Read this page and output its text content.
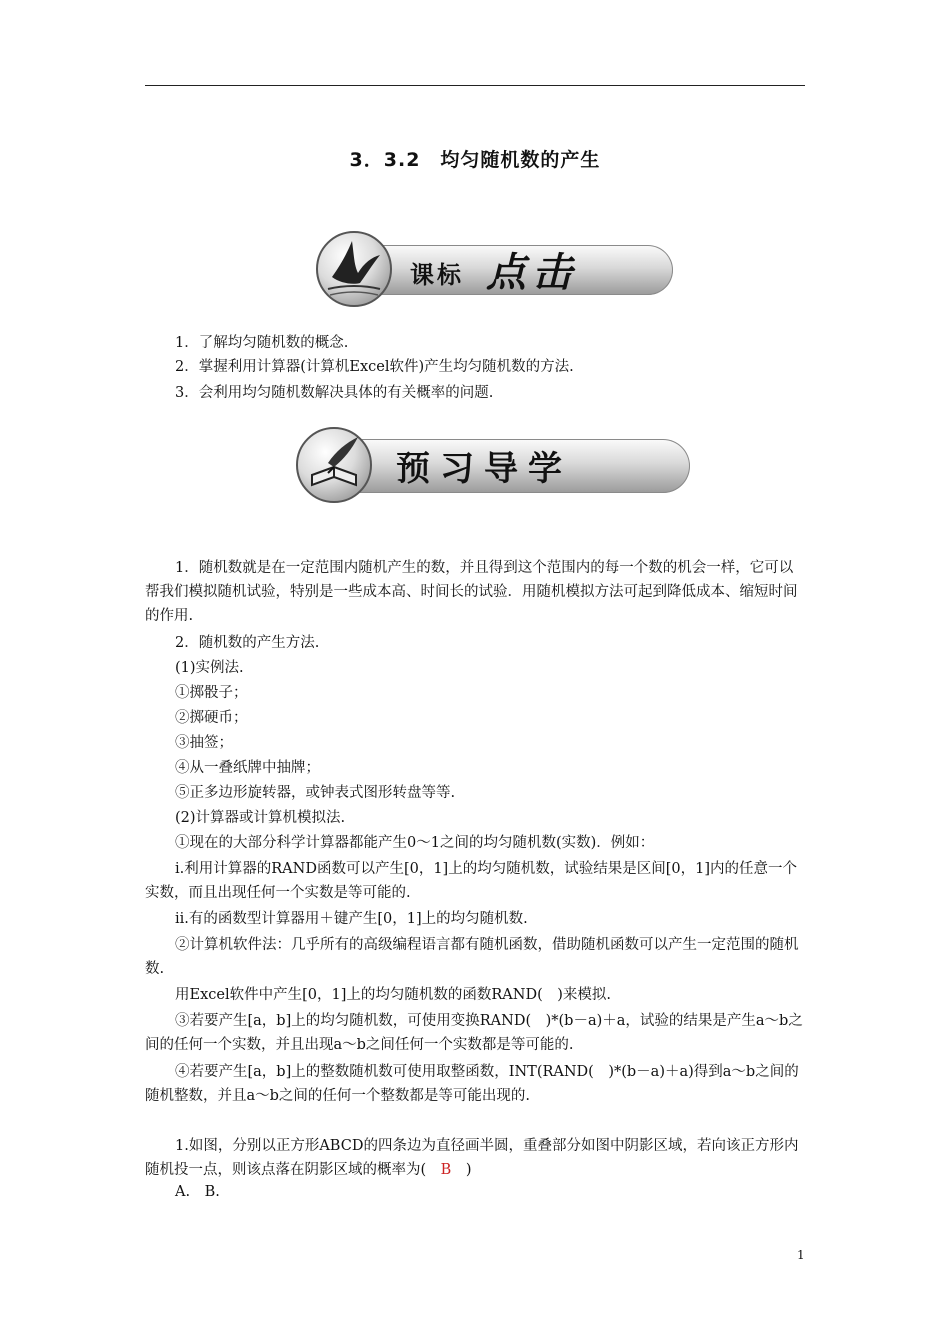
3．3.2　均匀随机数的产生
课标 点击
1．了解均匀随机数的概念.
2．掌握利用计算器(计算机Excel软件)产生均匀随机数的方法.
3．会利用均匀随机数解决具体的有关概率的问题.
预习导学
1．随机数就是在一定范围内随机产生的数，并且得到这个范围内的每一个数的机会一样，它可以帮我们模拟随机试验，特别是一些成本高、时间长的试验．用随机模拟方法可起到降低成本、缩短时间的作用.
2．随机数的产生方法.
(1)实例法.
①掷骰子；
②掷硬币；
③抽签；
④从一叠纸牌中抽牌；
⑤正多边形旋转器，或钟表式图形转盘等等.
(2)计算器或计算机模拟法.
①现在的大部分科学计算器都能产生0～1之间的均匀随机数(实数)．例如：
ⅰ.利用计算器的RAND函数可以产生[0，1]上的均匀随机数，试验结果是区间[0，1]内的任意一个实数，而且出现任何一个实数是等可能的.
ⅱ.有的函数型计算器用＋键产生[0，1]上的均匀随机数.
②计算机软件法：几乎所有的高级编程语言都有随机函数，借助随机函数可以产生一定范围的随机数.
用Excel软件中产生[0，1]上的均匀随机数的函数RAND(　)来模拟.
③若要产生[a，b]上的均匀随机数，可使用变换RAND(　)*(b－a)＋a，试验的结果是产生a～b之间的任何一个实数，并且出现a～b之间任何一个实数都是等可能的.
④若要产生[a，b]上的整数随机数可使用取整函数，INT(RAND(　)*(b－a)＋a)得到a～b之间的随机整数，并且a～b之间的任何一个整数都是等可能出现的.
1.如图，分别以正方形ABCD的四条边为直径画半圆，重叠部分如图中阴影区域，若向该正方形内随机投一点，则该点落在阴影区域的概率为(　 B　 )
A.　B.
1
